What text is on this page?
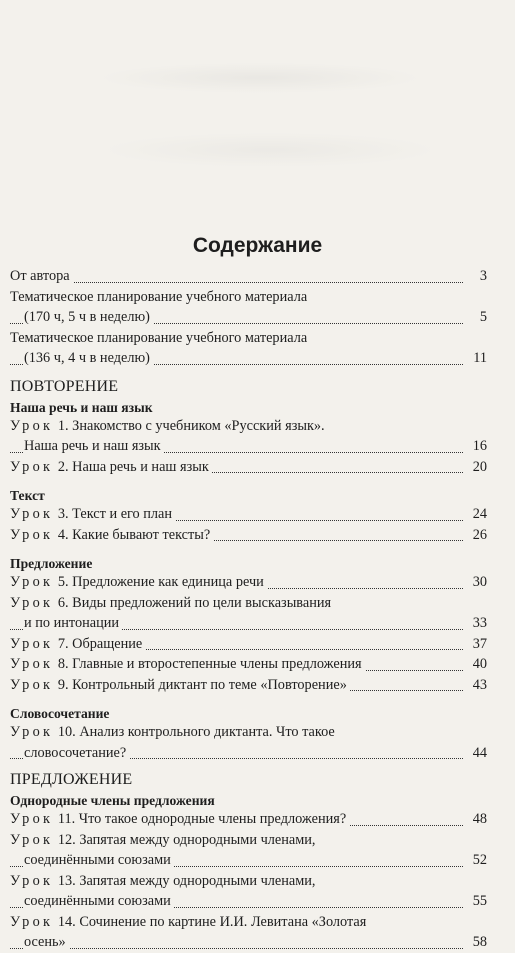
Содержание
От автора	3
Тематическое планирование учебного материала
(170 ч, 5 ч в неделю)	5
Тематическое планирование учебного материала
(136 ч, 4 ч в неделю)	11
ПОВТОРЕНИЕ
Наша речь и наш язык
Урок 1. Знакомство с учебником «Русский язык».
Наша речь и наш язык	16
Урок 2. Наша речь и наш язык	20
Текст
Урок 3. Текст и его план	24
Урок 4. Какие бывают тексты?	26
Предложение
Урок 5. Предложение как единица речи	30
Урок 6. Виды предложений по цели высказывания
и по интонации	33
Урок 7. Обращение	37
Урок 8. Главные и второстепенные члены предложения	40
Урок 9. Контрольный диктант по теме «Повторение»	43
Словосочетание
Урок 10. Анализ контрольного диктанта. Что такое
словосочетание?	44
ПРЕДЛОЖЕНИЕ
Однородные члены предложения
Урок 11. Что такое однородные члены предложения?	48
Урок 12. Запятая между однородными членами,
соединёнными союзами	52
Урок 13. Запятая между однородными членами,
соединёнными союзами	55
Урок 14. Сочинение по картине И.И. Левитана «Золотая
осень»	58
